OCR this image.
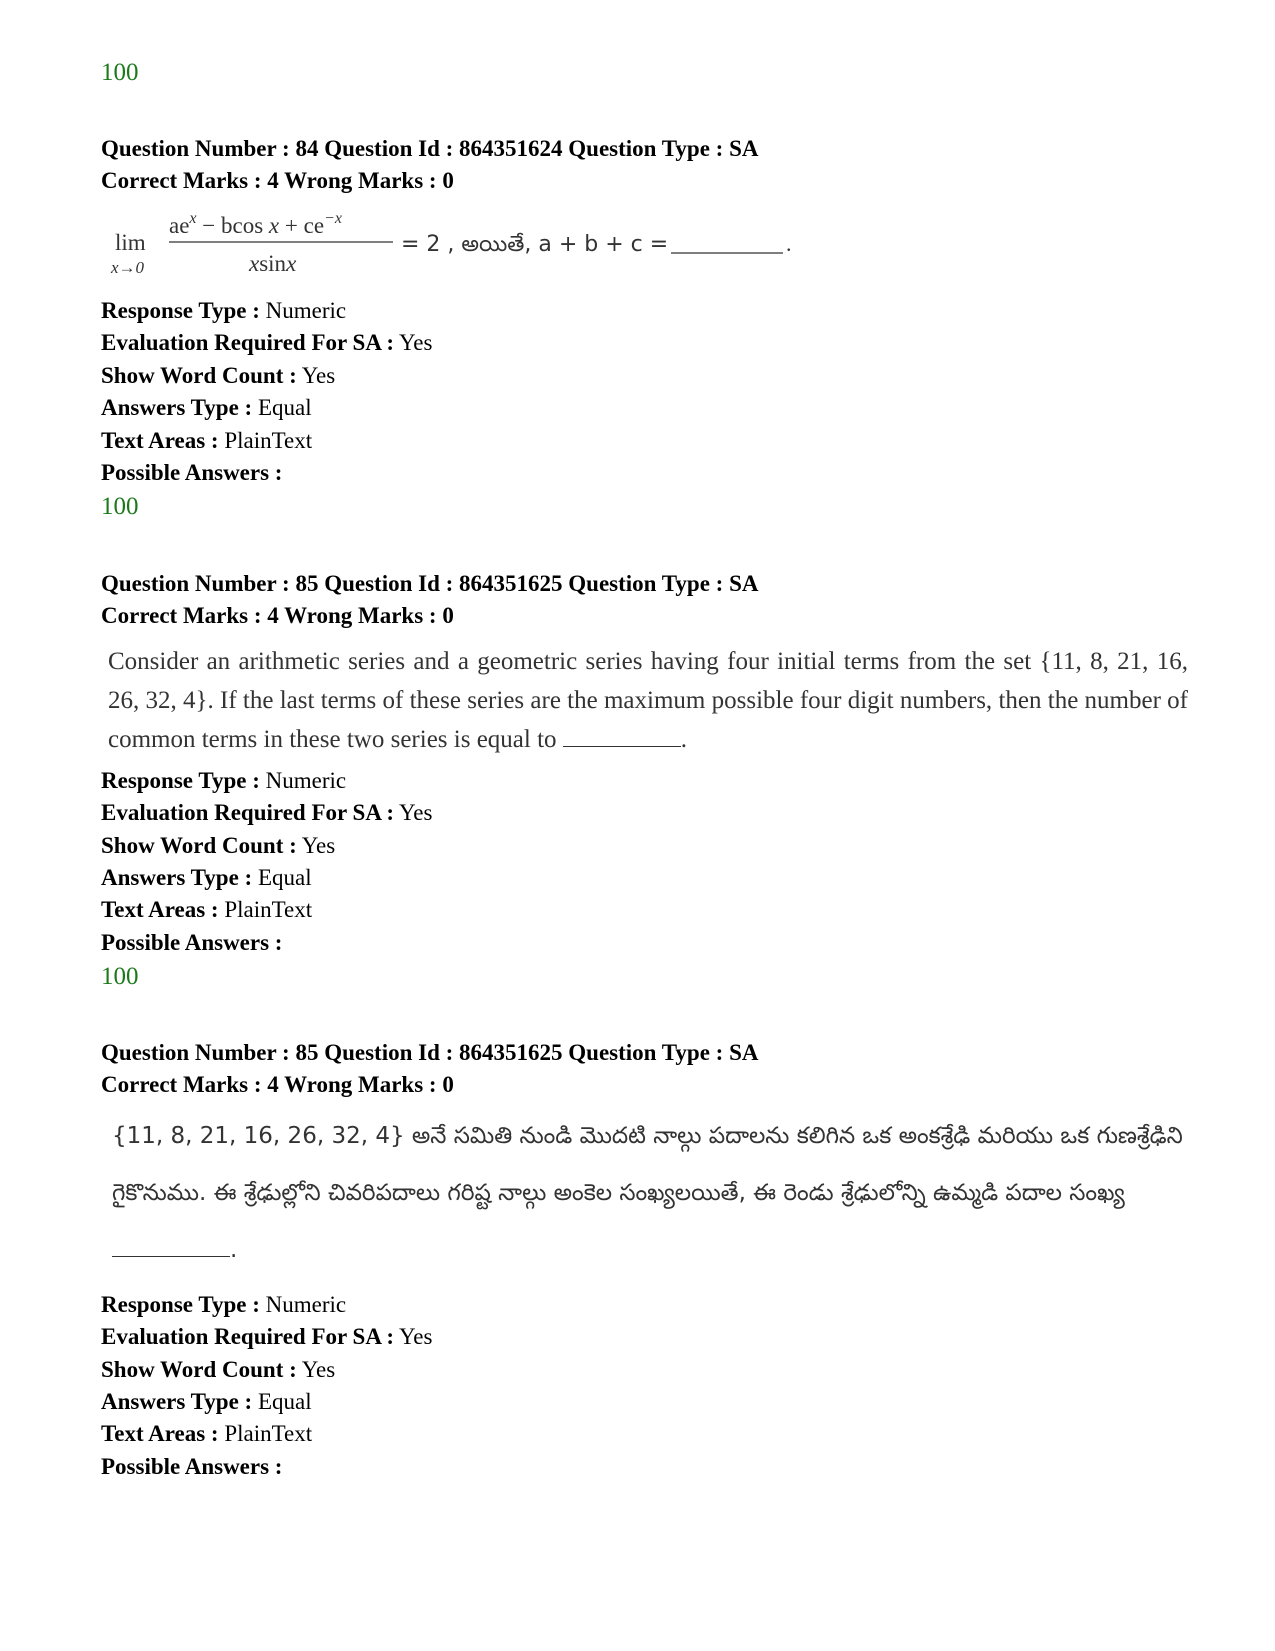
100
Question Number : 84 Question Id : 864351624 Question Type : SA
Correct Marks : 4 Wrong Marks : 0
lim
x→0
$ae^x - bcos$ $x + ce^{-x}$
xsinx
= 2 , అయితే, a + b + c =	.
Response Type : Numeric
Evaluation Required For SA : Yes
Show Word Count : Yes
Answers Type : Equal
Text Areas : PlainText
Possible Answers :
100
Question Number : 85 Question Id : 864351625 Question Type : SA
Correct Marks : 4 Wrong Marks : 0
Consider an arithmetic series and a geometric series having four initial terms from the set {11, 8, 21, 16, 26, 32, 4}. If the last terms of these series are the maximum possible four digit numbers, then the number of common terms in these two series is equal to	.
Response Type : Numeric
Evaluation Required For SA : Yes
Show Word Count : Yes
Answers Type : Equal
Text Areas : PlainText
Possible Answers :
100
Question Number : 85 Question Id : 864351625 Question Type : SA
Correct Marks : 4 Wrong Marks : 0
{11, 8, 21, 16, 26, 32, 4} అనే సమితి నుండి మొదటి నాల్గు పదాలను కలిగిన ఒక అంకశ్రేఢి మరియు ఒక గుణశ్రేఢిని గైకొనుము. ఈ శ్రేఢుల్లోని చివరిపదాలు గరిష్ట నాల్గు అంకెల సంఖ్యలయితే, ఈ రెండు శ్రేఢులోన్ని ఉమ్మడి పదాల సంఖ్య .
Response Type : Numeric
Evaluation Required For SA : Yes
Show Word Count : Yes
Answers Type : Equal
Text Areas : PlainText
Possible Answers :
